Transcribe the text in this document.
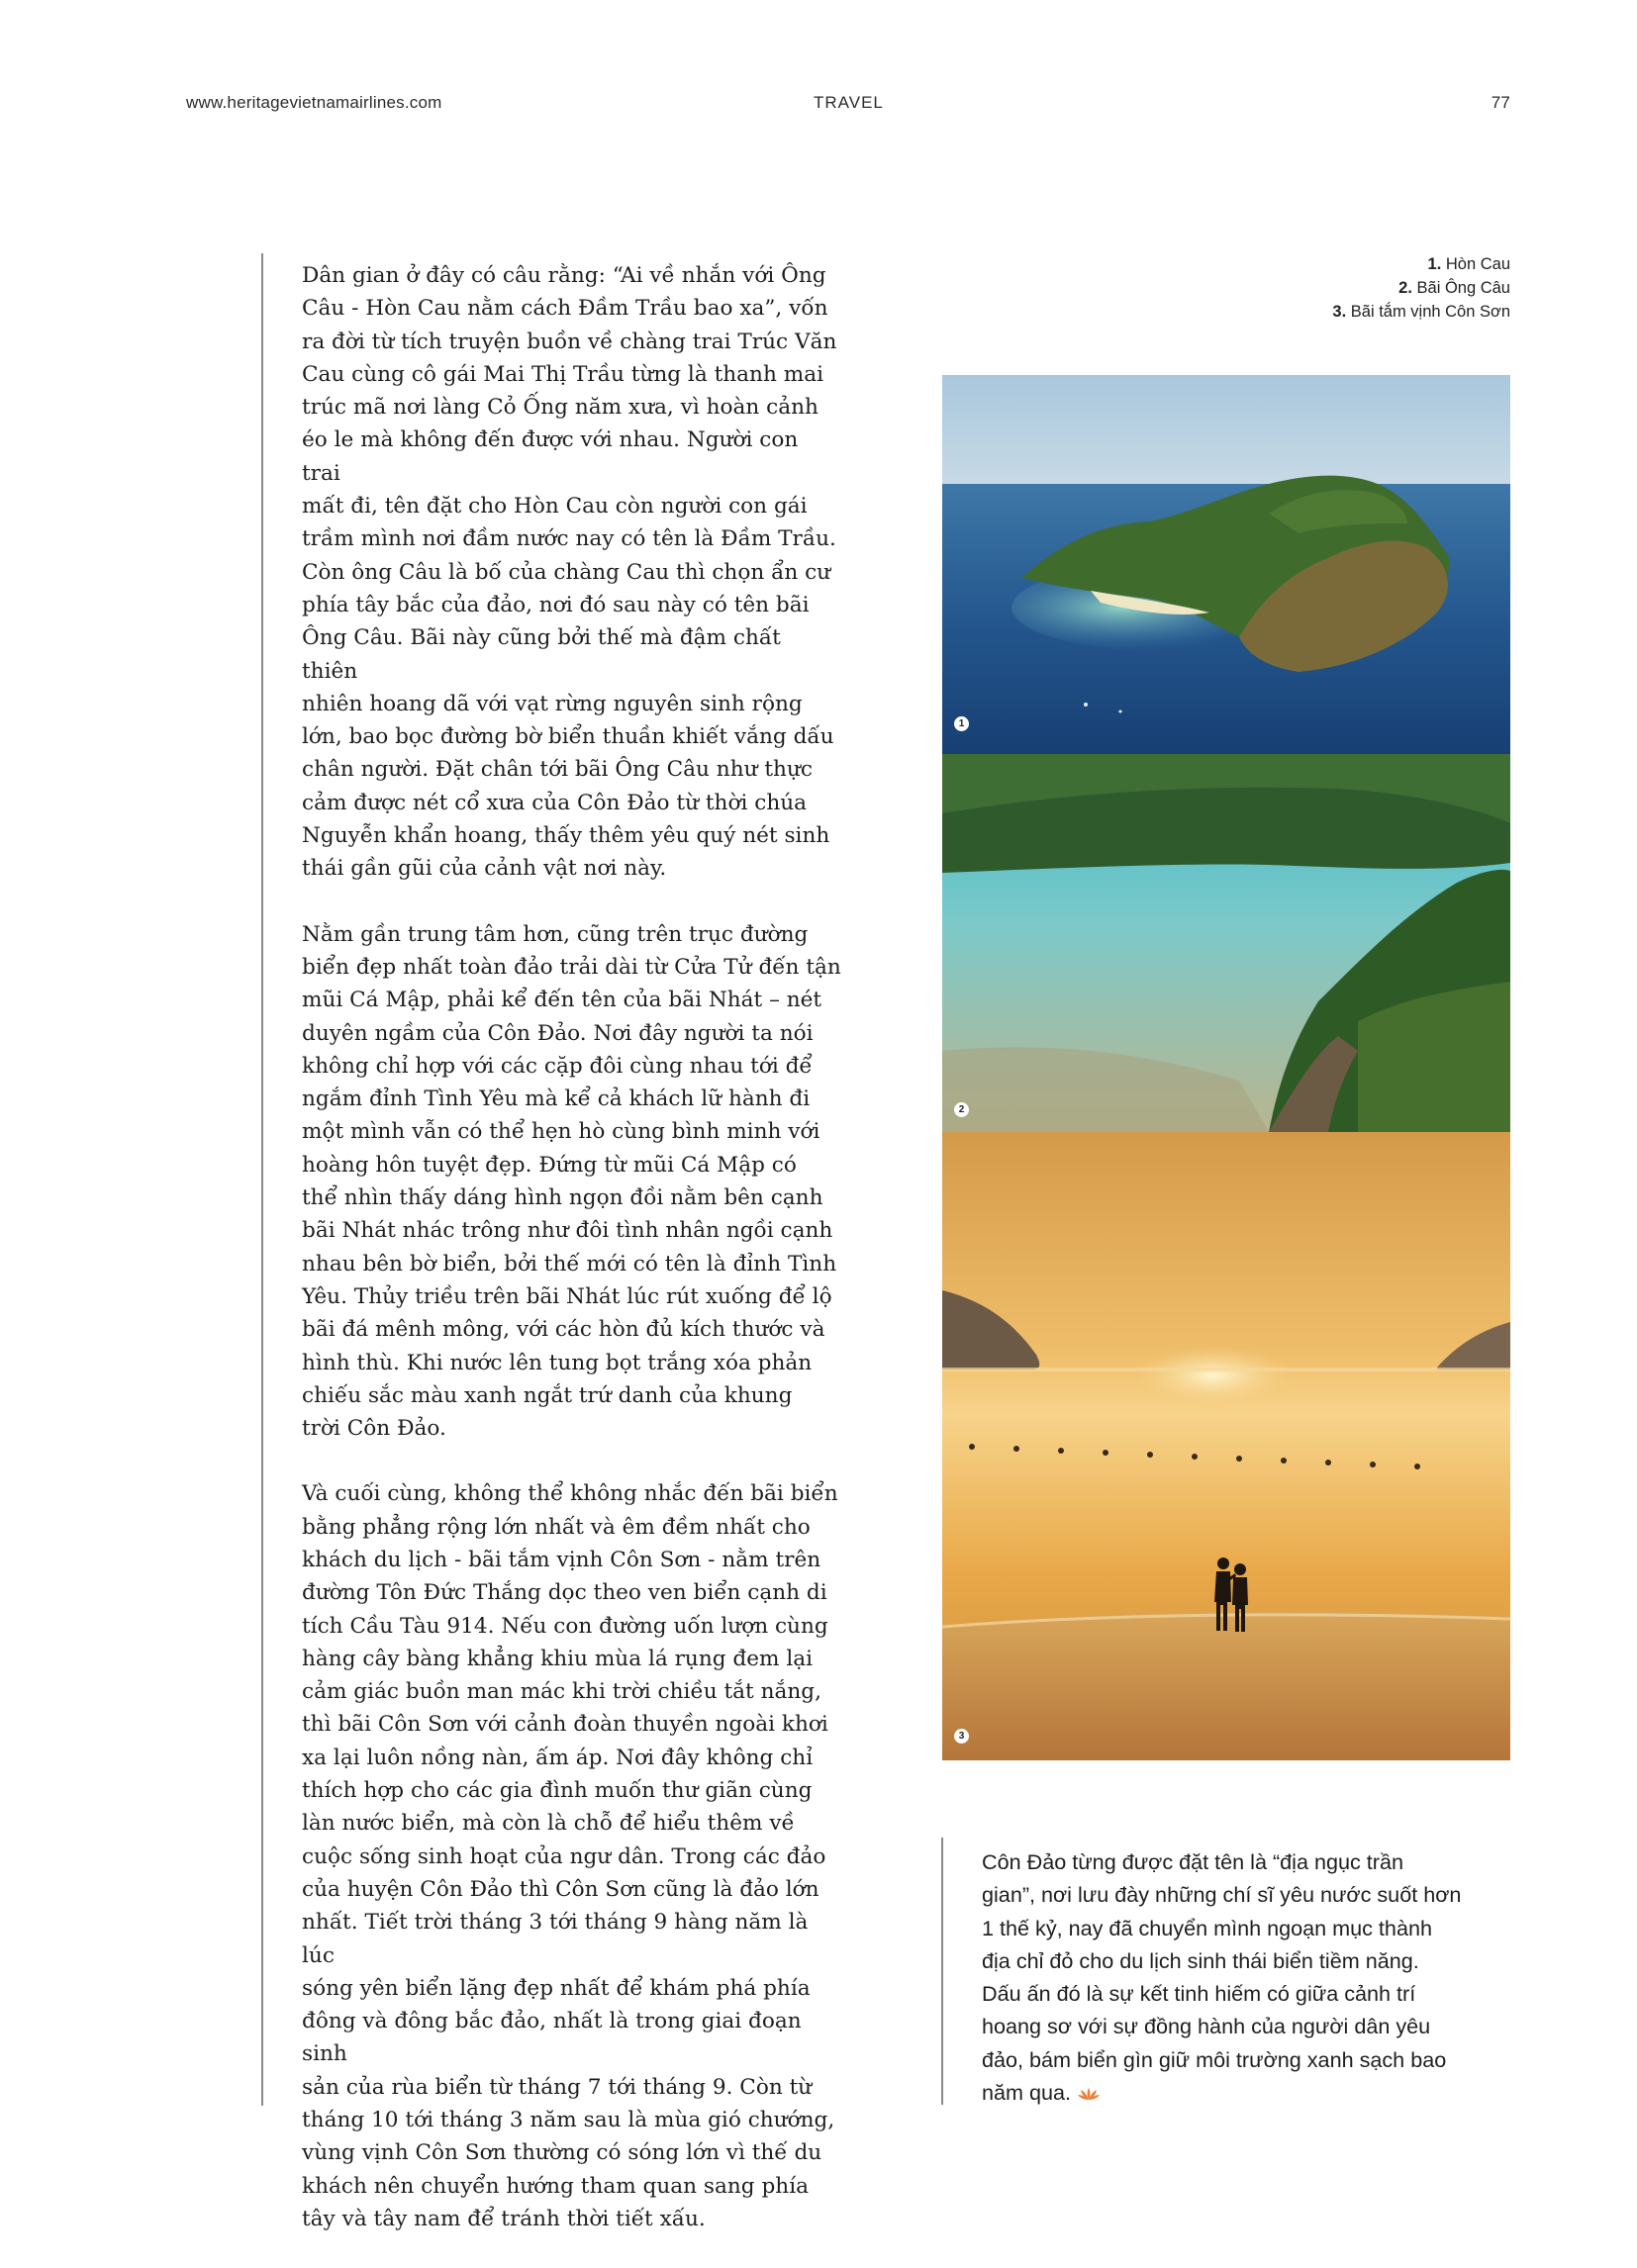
www.heritagevietnamairlines.com	TRAVEL	77

Dân gian ở đây có câu rằng: “Ai về nhắn với Ông
Câu - Hòn Cau nằm cách Đầm Trầu bao xa”, vốn
ra đời từ tích truyện buồn về chàng trai Trúc Văn
Cau cùng cô gái Mai Thị Trầu từng là thanh mai
trúc mã nơi làng Cỏ Ống năm xưa, vì hoàn cảnh
éo le mà không đến được với nhau. Người con trai
mất đi, tên đặt cho Hòn Cau còn người con gái
trầm mình nơi đầm nước nay có tên là Đầm Trầu.
Còn ông Câu là bố của chàng Cau thì chọn ẩn cư
phía tây bắc của đảo, nơi đó sau này có tên bãi
Ông Câu. Bãi này cũng bởi thế mà đậm chất thiên
nhiên hoang dã với vạt rừng nguyên sinh rộng
lớn, bao bọc đường bờ biển thuần khiết vắng dấu
chân người. Đặt chân tới bãi Ông Câu như thực
cảm được nét cổ xưa của Côn Đảo từ thời chúa
Nguyễn khẩn hoang, thấy thêm yêu quý nét sinh
thái gần gũi của cảnh vật nơi này.

Nằm gần trung tâm hơn, cũng trên trục đường
biển đẹp nhất toàn đảo trải dài từ Cửa Tử đến tận
mũi Cá Mập, phải kể đến tên của bãi Nhát – nét
duyên ngầm của Côn Đảo. Nơi đây người ta nói
không chỉ hợp với các cặp đôi cùng nhau tới để
ngắm đỉnh Tình Yêu mà kể cả khách lữ hành đi
một mình vẫn có thể hẹn hò cùng bình minh với
hoàng hôn tuyệt đẹp. Đứng từ mũi Cá Mập có
thể nhìn thấy dáng hình ngọn đồi nằm bên cạnh
bãi Nhát nhác trông như đôi tình nhân ngồi cạnh
nhau bên bờ biển, bởi thế mới có tên là đỉnh Tình
Yêu. Thủy triều trên bãi Nhát lúc rút xuống để lộ
bãi đá mênh mông, với các hòn đủ kích thước và
hình thù. Khi nước lên tung bọt trắng xóa phản
chiếu sắc màu xanh ngắt trứ danh của khung
trời Côn Đảo.

Và cuối cùng, không thể không nhắc đến bãi biển
bằng phẳng rộng lớn nhất và êm đềm nhất cho
khách du lịch - bãi tắm vịnh Côn Sơn - nằm trên
đường Tôn Đức Thắng dọc theo ven biển cạnh di
tích Cầu Tàu 914. Nếu con đường uốn lượn cùng
hàng cây bàng khẳng khiu mùa lá rụng đem lại
cảm giác buồn man mác khi trời chiều tắt nắng,
thì bãi Côn Sơn với cảnh đoàn thuyền ngoài khơi
xa lại luôn nồng nàn, ấm áp. Nơi đây không chỉ
thích hợp cho các gia đình muốn thư giãn cùng
làn nước biển, mà còn là chỗ để hiểu thêm về
cuộc sống sinh hoạt của ngư dân. Trong các đảo
của huyện Côn Đảo thì Côn Sơn cũng là đảo lớn
nhất. Tiết trời tháng 3 tới tháng 9 hàng năm là lúc
sóng yên biển lặng đẹp nhất để khám phá phía
đông và đông bắc đảo, nhất là trong giai đoạn sinh
sản của rùa biển từ tháng 7 tới tháng 9. Còn từ
tháng 10 tới tháng 3 năm sau là mùa gió chướng,
vùng vịnh Côn Sơn thường có sóng lớn vì thế du
khách nên chuyển hướng tham quan sang phía
tây và tây nam để tránh thời tiết xấu.

1. Hòn Cau
2. Bãi Ông Câu
3. Bãi tắm vịnh Côn Sơn
1
2
3
Côn Đảo từng được đặt tên là “địa ngục trần
gian”, nơi lưu đày những chí sĩ yêu nước suốt hơn
1 thế kỷ, nay đã chuyển mình ngoạn mục thành
địa chỉ đỏ cho du lịch sinh thái biển tiềm năng.
Dấu ấn đó là sự kết tinh hiếm có giữa cảnh trí
hoang sơ với sự đồng hành của người dân yêu
đảo, bám biển gìn giữ môi trường xanh sạch bao
năm qua.
